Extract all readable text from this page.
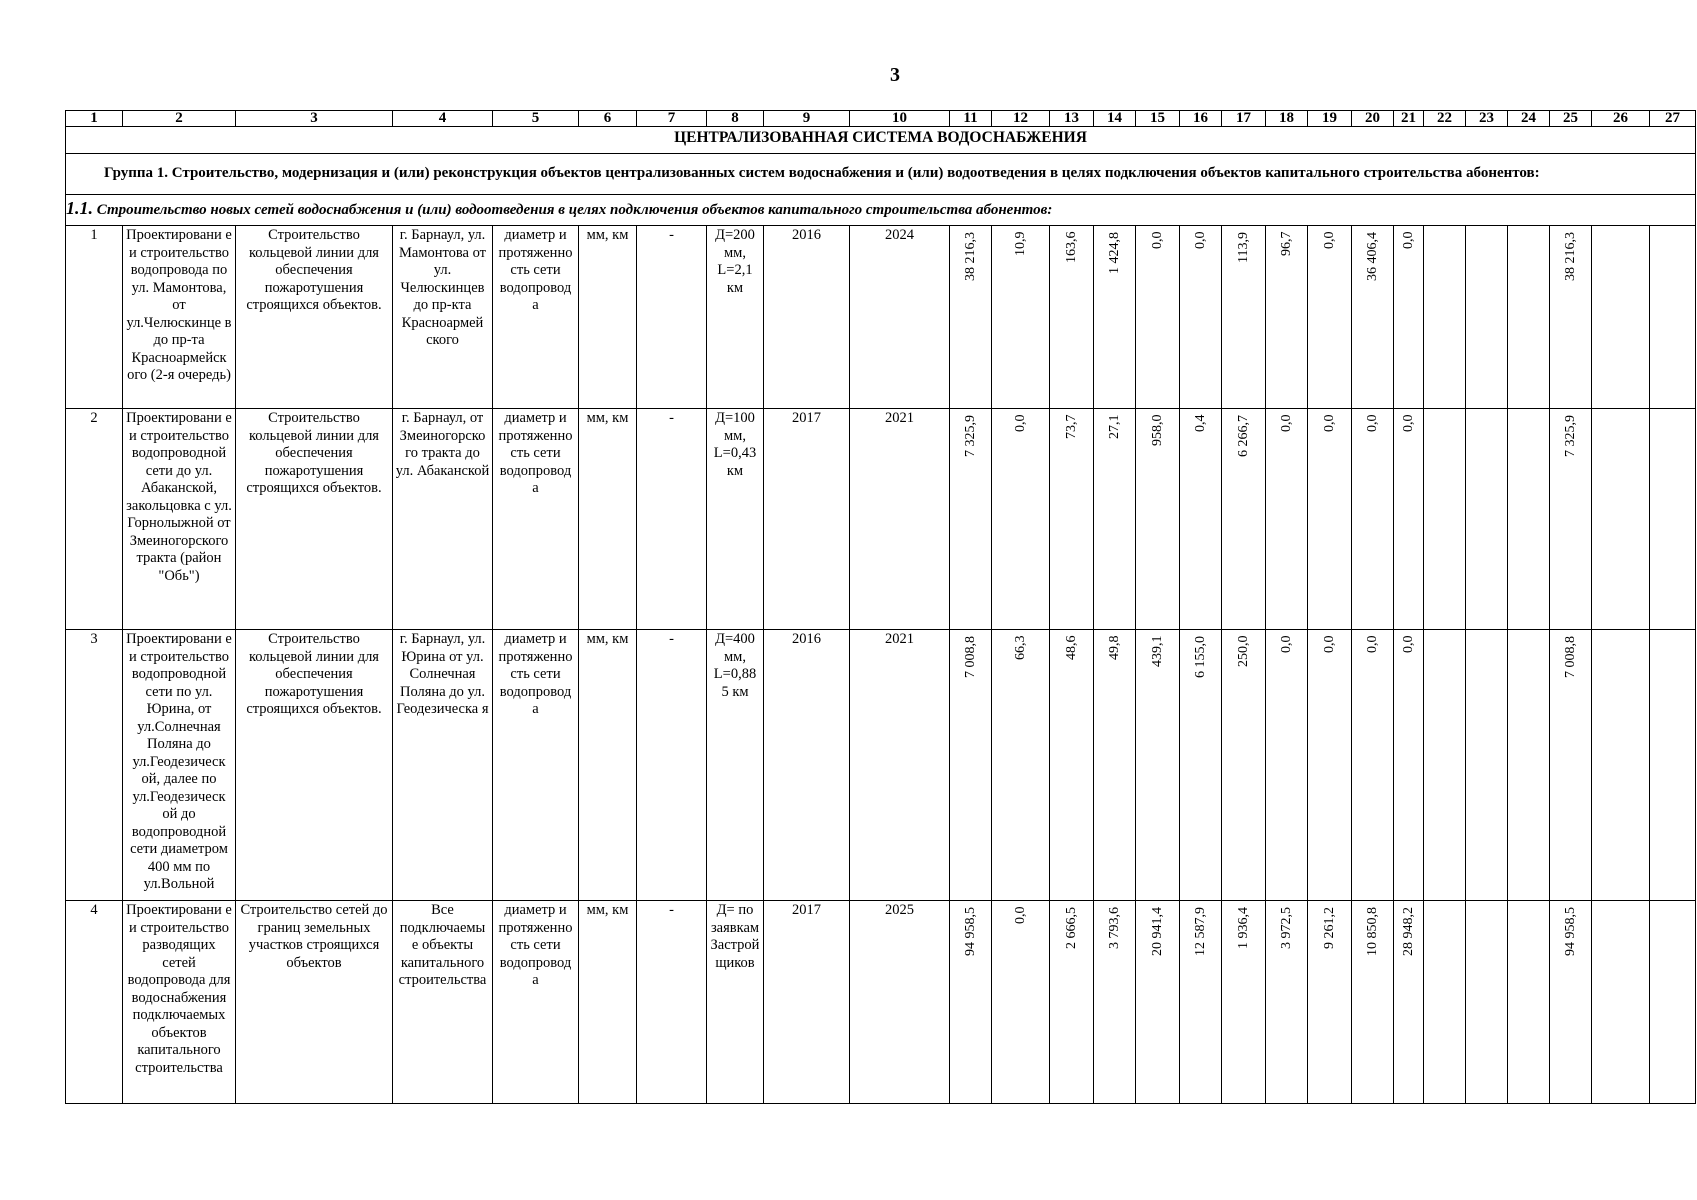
3
1	2	3	4	5	6	7	8	9	10	11	12	13	14	15	16	17	18	19	20	21	22	23	24	25	26	27
ЦЕНТРАЛИЗОВАННАЯ СИСТЕМА ВОДОСНАБЖЕНИЯ																										
Группа 1. Строительство, модернизация и (или) реконструкция объектов централизованных систем водоснабжения и (или) водоотведения в целях подключения объектов капитального строительства абонентов:																										
1.1. Строительство новых сетей водоснабжения и (или) водоотведения в целях подключения объектов капитального строительства абонентов:																										
1	Проектировани е и строительство водопровода по ул. Мамонтова, от ул.Челюскинце в до пр-та Красноармейск ого (2-я очередь)	Строительство кольцевой линии для обеспечения пожаротушения строящихся объектов.	г. Барнаул, ул. Мамонтова от ул. Челюскинцев до пр-кта Красноармей ского	диаметр и протяженно сть сети водопровод а	мм, км	-	Д=200 мм, L=2,1 км	2016	2024	38 216,3	10,9	163,6	1 424,8	0,0	0,0	113,9	96,7	0,0	36 406,4	0,0				38 216,3		

2	Проектировани е и строительство водопроводной сети до ул. Абаканской, закольцовка с ул. Горнолыжной от Змеиногорского тракта (район "Обь")	Строительство кольцевой линии для обеспечения пожаротушения строящихся объектов.	г. Барнаул, от Змеиногорско го тракта до ул. Абаканской	диаметр и протяженно сть сети водопровод а	мм, км	-	Д=100 мм, L=0,43 км	2017	2021	7 325,9	0,0	73,7	27,1	958,0	0,4	6 266,7	0,0	0,0	0,0	0,0				7 325,9		

3	Проектировани е и строительство водопроводной сети по ул. Юрина, от ул.Солнечная Поляна до ул.Геодезическ ой, далее по ул.Геодезическ ой до водопроводной сети диаметром 400 мм по ул.Вольной	Строительство кольцевой линии для обеспечения пожаротушения строящихся объектов.	г. Барнаул, ул. Юрина от ул. Солнечная Поляна до ул. Геодезическа я	диаметр и протяженно сть сети водопровод а	мм, км	-	Д=400 мм, L=0,88 5 км	2016	2021	7 008,8	66,3	48,6	49,8	439,1	6 155,0	250,0	0,0	0,0	0,0	0,0				7 008,8		

4	Проектировани е и строительство разводящих сетей водопровода для водоснабжения подключаемых объектов капитального строительства	Строительство сетей до границ земельных участков строящихся объектов	Все подключаемы е объекты капитального строительства	диаметр и протяженно сть сети водопровод а	мм, км	-	Д= по заявкам Застрой щиков	2017	2025	94 958,5	0,0	2 666,5	3 793,6	20 941,4	12 587,9	1 936,4	3 972,5	9 261,2	10 850,8	28 948,2				94 958,5		
